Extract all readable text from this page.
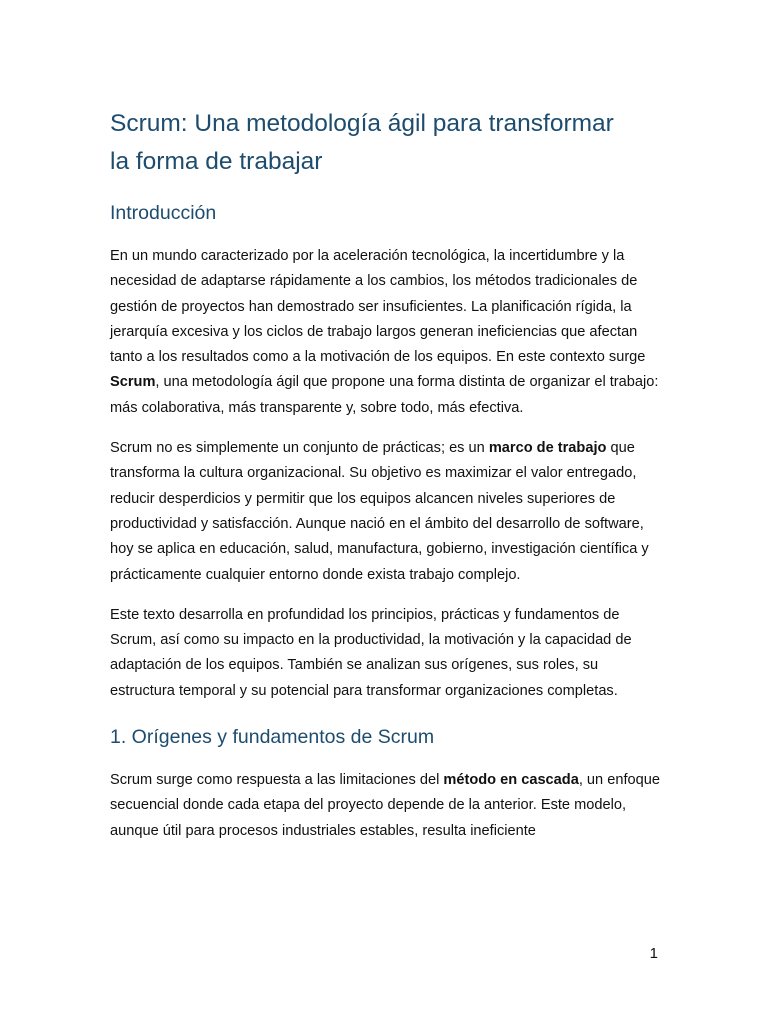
Scrum: Una metodología ágil para transformar
la forma de trabajar
Introducción

En un mundo caracterizado por la aceleración tecnológica, la incertidumbre y la necesidad de adaptarse rápidamente a los cambios, los métodos tradicionales de gestión de proyectos han demostrado ser insuficientes. La planificación rígida, la jerarquía excesiva y los ciclos de trabajo largos generan ineficiencias que afectan tanto a los resultados como a la motivación de los equipos. En este contexto surge Scrum, una metodología ágil que propone una forma distinta de organizar el trabajo: más colaborativa, más transparente y, sobre todo, más efectiva.

Scrum no es simplemente un conjunto de prácticas; es un marco de trabajo que transforma la cultura organizacional. Su objetivo es maximizar el valor entregado, reducir desperdicios y permitir que los equipos alcancen niveles superiores de productividad y satisfacción. Aunque nació en el ámbito del desarrollo de software, hoy se aplica en educación, salud, manufactura, gobierno, investigación científica y prácticamente cualquier entorno donde exista trabajo complejo.

Este texto desarrolla en profundidad los principios, prácticas y fundamentos de Scrum, así como su impacto en la productividad, la motivación y la capacidad de adaptación de los equipos. También se analizan sus orígenes, sus roles, su estructura temporal y su potencial para transformar organizaciones completas.

1. Orígenes y fundamentos de Scrum

Scrum surge como respuesta a las limitaciones del método en cascada, un enfoque secuencial donde cada etapa del proyecto depende de la anterior. Este modelo, aunque útil para procesos industriales estables, resulta ineficiente

1
